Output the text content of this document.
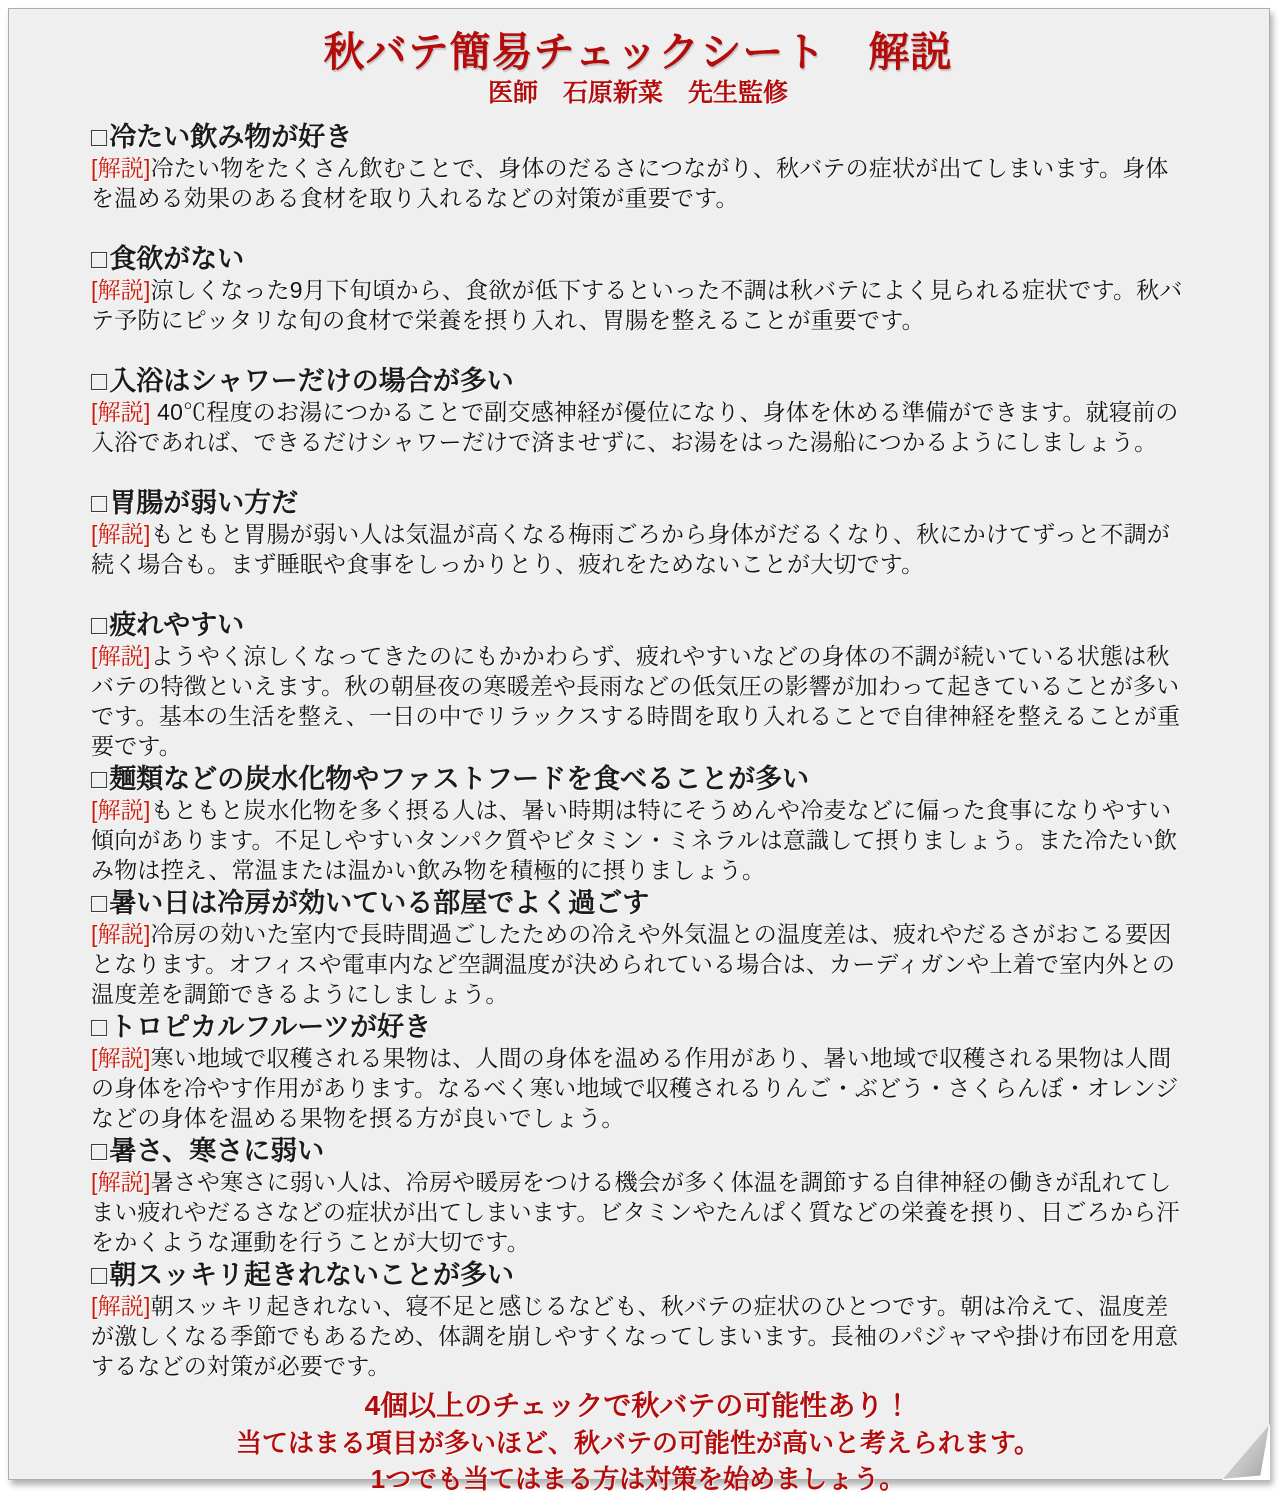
秋バテ簡易チェックシート　解説
医師　石原新菜　先生監修
□冷たい飲み物が好き

[解説]冷たい物をたくさん飲むことで、身体のだるさにつながり、秋バテの症状が出てしまいます。身体を温める効果のある食材を取り入れるなどの対策が重要です。

□食欲がない

[解説]涼しくなった9月下旬頃から、食欲が低下するといった不調は秋バテによく見られる症状です。秋バテ予防にピッタリな旬の食材で栄養を摂り入れ、胃腸を整えることが重要です。

□入浴はシャワーだけの場合が多い

[解説] 40℃程度のお湯につかることで副交感神経が優位になり、身体を休める準備ができます。就寝前の入浴であれば、できるだけシャワーだけで済ませずに、お湯をはった湯船につかるようにしましょう。

□胃腸が弱い方だ

[解説]もともと胃腸が弱い人は気温が高くなる梅雨ごろから身体がだるくなり、秋にかけてずっと不調が続く場合も。まず睡眠や食事をしっかりとり、疲れをためないことが大切です。

□疲れやすい

[解説]ようやく涼しくなってきたのにもかかわらず、疲れやすいなどの身体の不調が続いている状態は秋バテの特徴といえます。秋の朝昼夜の寒暖差や長雨などの低気圧の影響が加わって起きていることが多いです。基本の生活を整え、一日の中でリラックスする時間を取り入れることで自律神経を整えることが重要です。

□麺類などの炭水化物やファストフードを食べることが多い

[解説]もともと炭水化物を多く摂る人は、暑い時期は特にそうめんや冷麦などに偏った食事になりやすい傾向があります。不足しやすいタンパク質やビタミン・ミネラルは意識して摂りましょう。また冷たい飲み物は控え、常温または温かい飲み物を積極的に摂りましょう。

□暑い日は冷房が効いている部屋でよく過ごす

[解説]冷房の効いた室内で長時間過ごしたための冷えや外気温との温度差は、疲れやだるさがおこる要因となります。オフィスや電車内など空調温度が決められている場合は、カーディガンや上着で室内外との温度差を調節できるようにしましょう。

□トロピカルフルーツが好き

[解説]寒い地域で収穫される果物は、人間の身体を温める作用があり、暑い地域で収穫される果物は人間の身体を冷やす作用があります。なるべく寒い地域で収穫されるりんご・ぶどう・さくらんぼ・オレンジなどの身体を温める果物を摂る方が良いでしょう。

□暑さ、寒さに弱い

[解説]暑さや寒さに弱い人は、冷房や暖房をつける機会が多く体温を調節する自律神経の働きが乱れてしまい疲れやだるさなどの症状が出てしまいます。ビタミンやたんぱく質などの栄養を摂り、日ごろから汗をかくような運動を行うことが大切です。

□朝スッキリ起きれないことが多い

[解説]朝スッキリ起きれない、寝不足と感じるなども、秋バテの症状のひとつです。朝は冷えて、温度差が激しくなる季節でもあるため、体調を崩しやすくなってしまいます。長袖のパジャマや掛け布団を用意するなどの対策が必要です。

4個以上のチェックで秋バテの可能性あり！
当てはまる項目が多いほど、秋バテの可能性が高いと考えられます。
1つでも当てはまる方は対策を始めましょう。
